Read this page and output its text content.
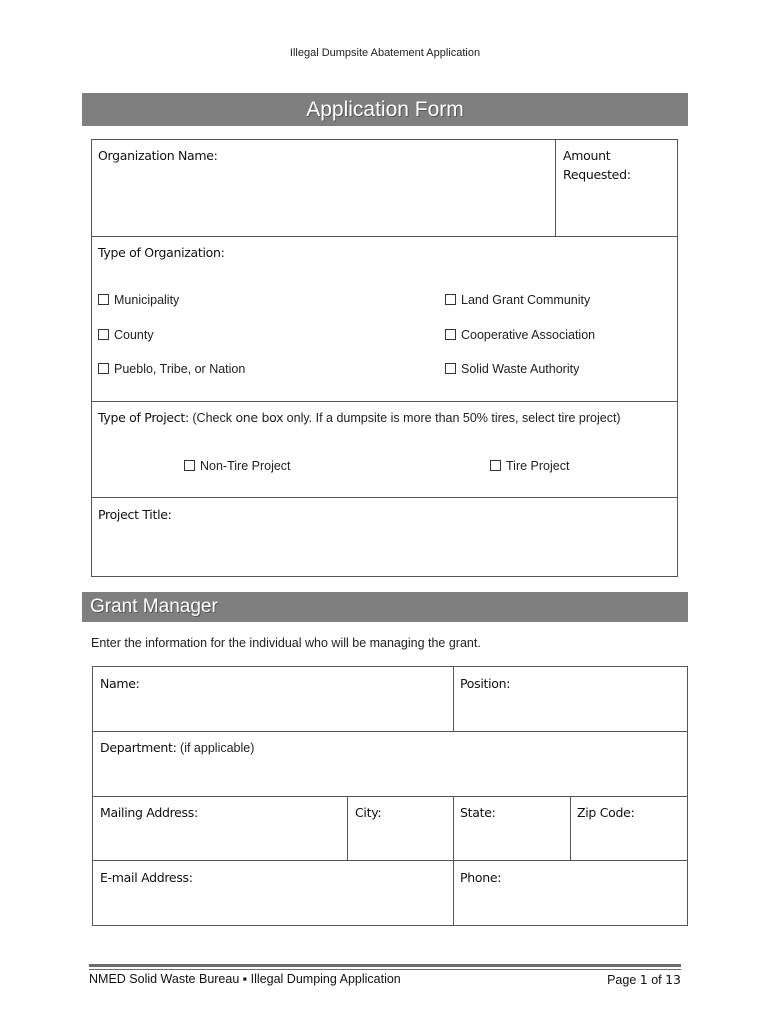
Illegal Dumpsite Abatement Application
Application Form
Organization Name:	Amount
Requested:
Type of Organization:
Municipality
County
Pueblo, Tribe, or Nation
Land Grant Community
Cooperative Association
Solid Waste Authority
Type of Project: (Check one box only. If a dumpsite is more than 50% tires, select tire project)
Non-Tire Project	Tire Project
Project Title:
Grant Manager
Enter the information for the individual who will be managing the grant.
Name:	Position:
Department: (if applicable)
Mailing Address:	City:	State:	Zip Code:
E-mail Address:	Phone:
NMED Solid Waste Bureau ▪ Illegal Dumping Application	Page 1 of 13
